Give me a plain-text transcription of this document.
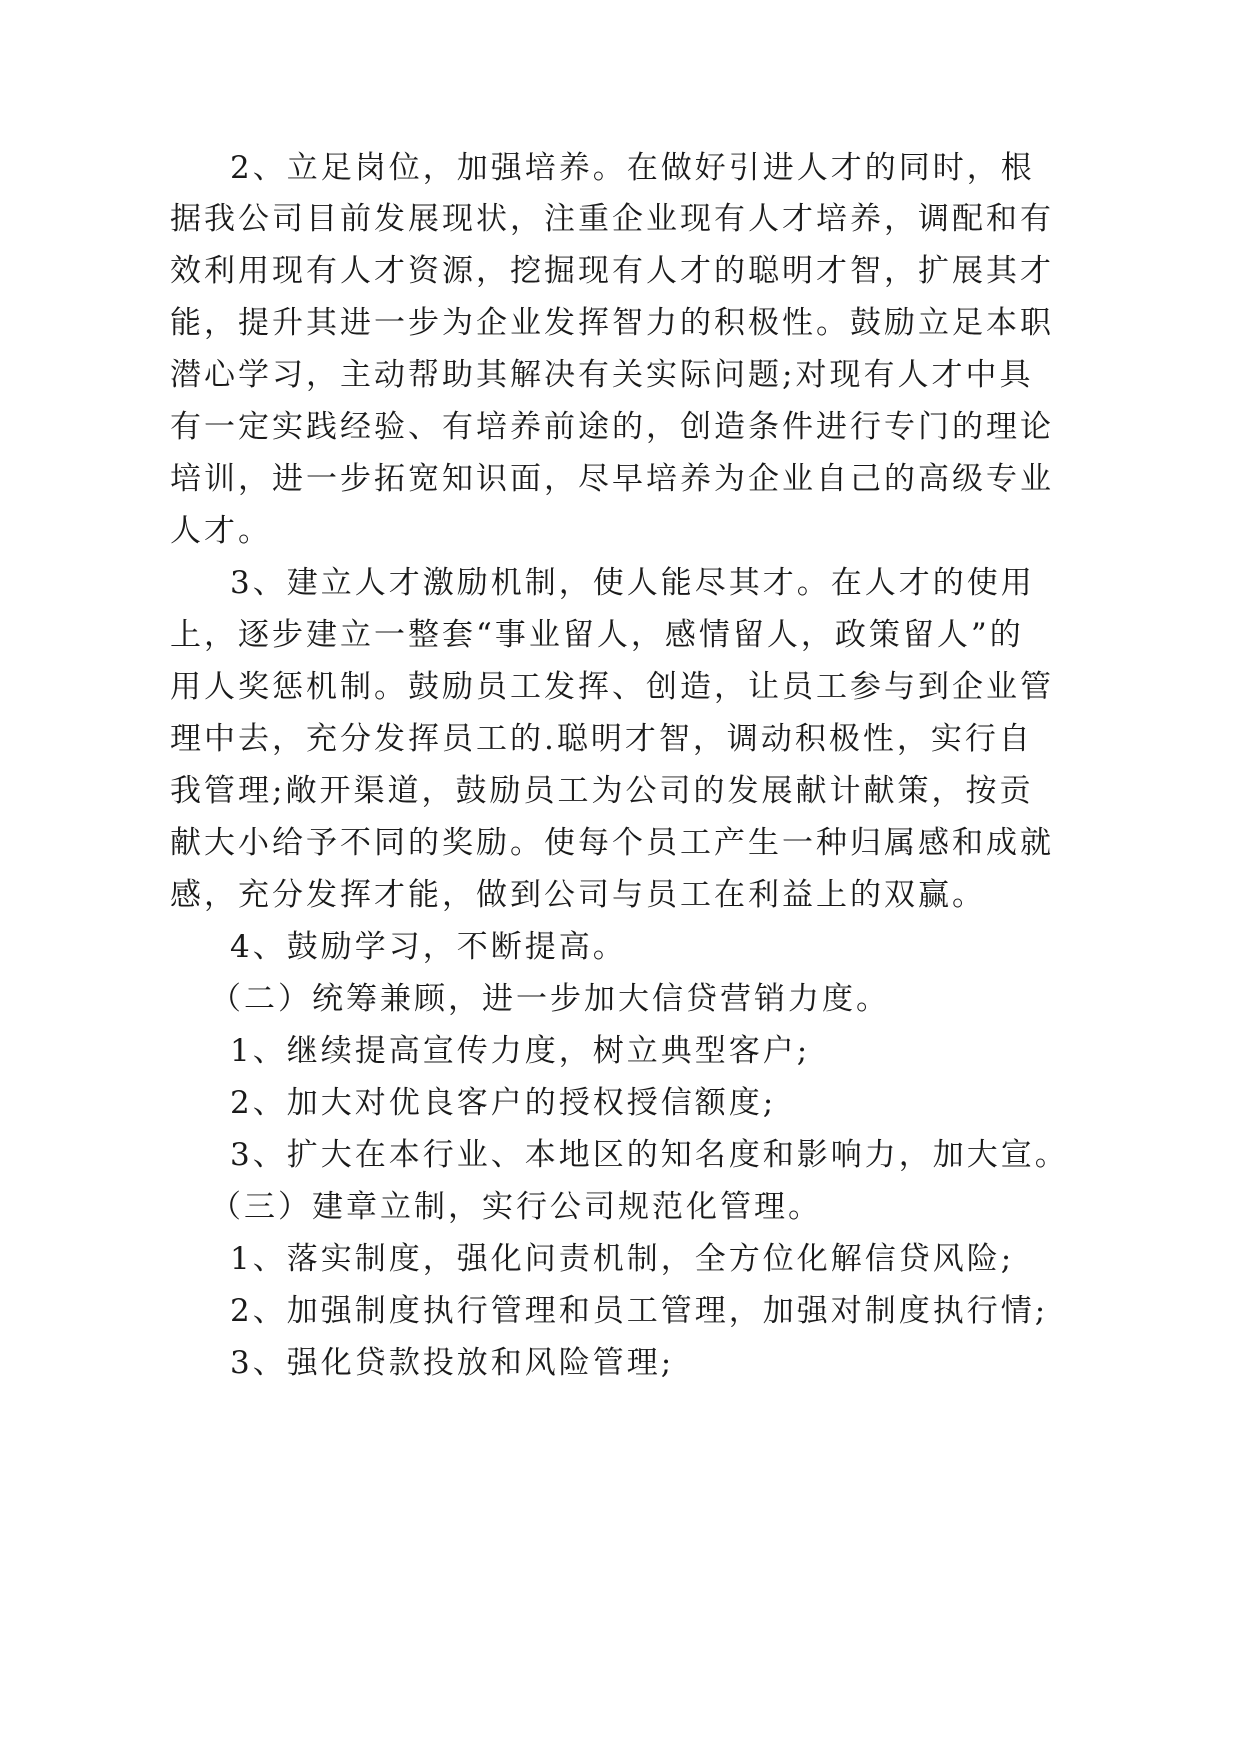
2、立足岗位，加强培养。在做好引进人才的同时，根
据我公司目前发展现状，注重企业现有人才培养，调配和有
效利用现有人才资源，挖掘现有人才的聪明才智，扩展其才
能，提升其进一步为企业发挥智力的积极性。鼓励立足本职
潜心学习，主动帮助其解决有关实际问题;对现有人才中具
有一定实践经验、有培养前途的，创造条件进行专门的理论
培训，进一步拓宽知识面，尽早培养为企业自己的高级专业
人才。
3、建立人才激励机制，使人能尽其才。在人才的使用
上，逐步建立一整套“事业留人，感情留人，政策留人”的
用人奖惩机制。鼓励员工发挥、创造，让员工参与到企业管
理中去，充分发挥员工的.聪明才智，调动积极性，实行自
我管理;敞开渠道，鼓励员工为公司的发展献计献策，按贡
献大小给予不同的奖励。使每个员工产生一种归属感和成就
感，充分发挥才能，做到公司与员工在利益上的双赢。
4、鼓励学习，不断提高。
（二）统筹兼顾，进一步加大信贷营销力度。
1、继续提高宣传力度，树立典型客户;
2、加大对优良客户的授权授信额度;
3、扩大在本行业、本地区的知名度和影响力，加大宣。
（三）建章立制，实行公司规范化管理。
1、落实制度，强化问责机制，全方位化解信贷风险;
2、加强制度执行管理和员工管理，加强对制度执行情;
3、强化贷款投放和风险管理;
